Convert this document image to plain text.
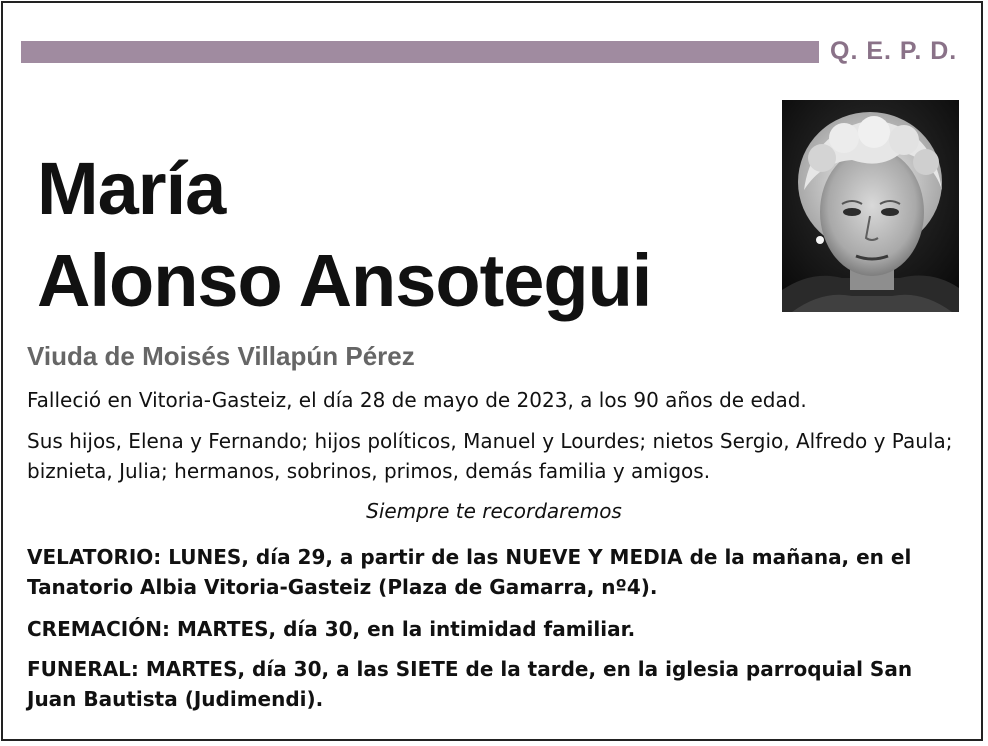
Q. E. P. D.
María
Alonso Ansotegui
Viuda de Moisés Villapún Pérez
Falleció en Vitoria-Gasteiz, el día 28 de mayo de 2023, a los 90 años de edad.
Sus hijos, Elena y Fernando; hijos políticos, Manuel y Lourdes; nietos Sergio, Alfredo y Paula; biznieta, Julia; hermanos, sobrinos, primos, demás familia y amigos.
Siempre te recordaremos
VELATORIO: LUNES, día 29, a partir de las NUEVE Y MEDIA de la mañana, en el Tanatorio Albia Vitoria-Gasteiz (Plaza de Gamarra, nº4).
CREMACIÓN: MARTES, día 30, en la intimidad familiar.
FUNERAL: MARTES, día 30, a las SIETE de la tarde, en la iglesia parroquial San Juan Bautista (Judimendi).
